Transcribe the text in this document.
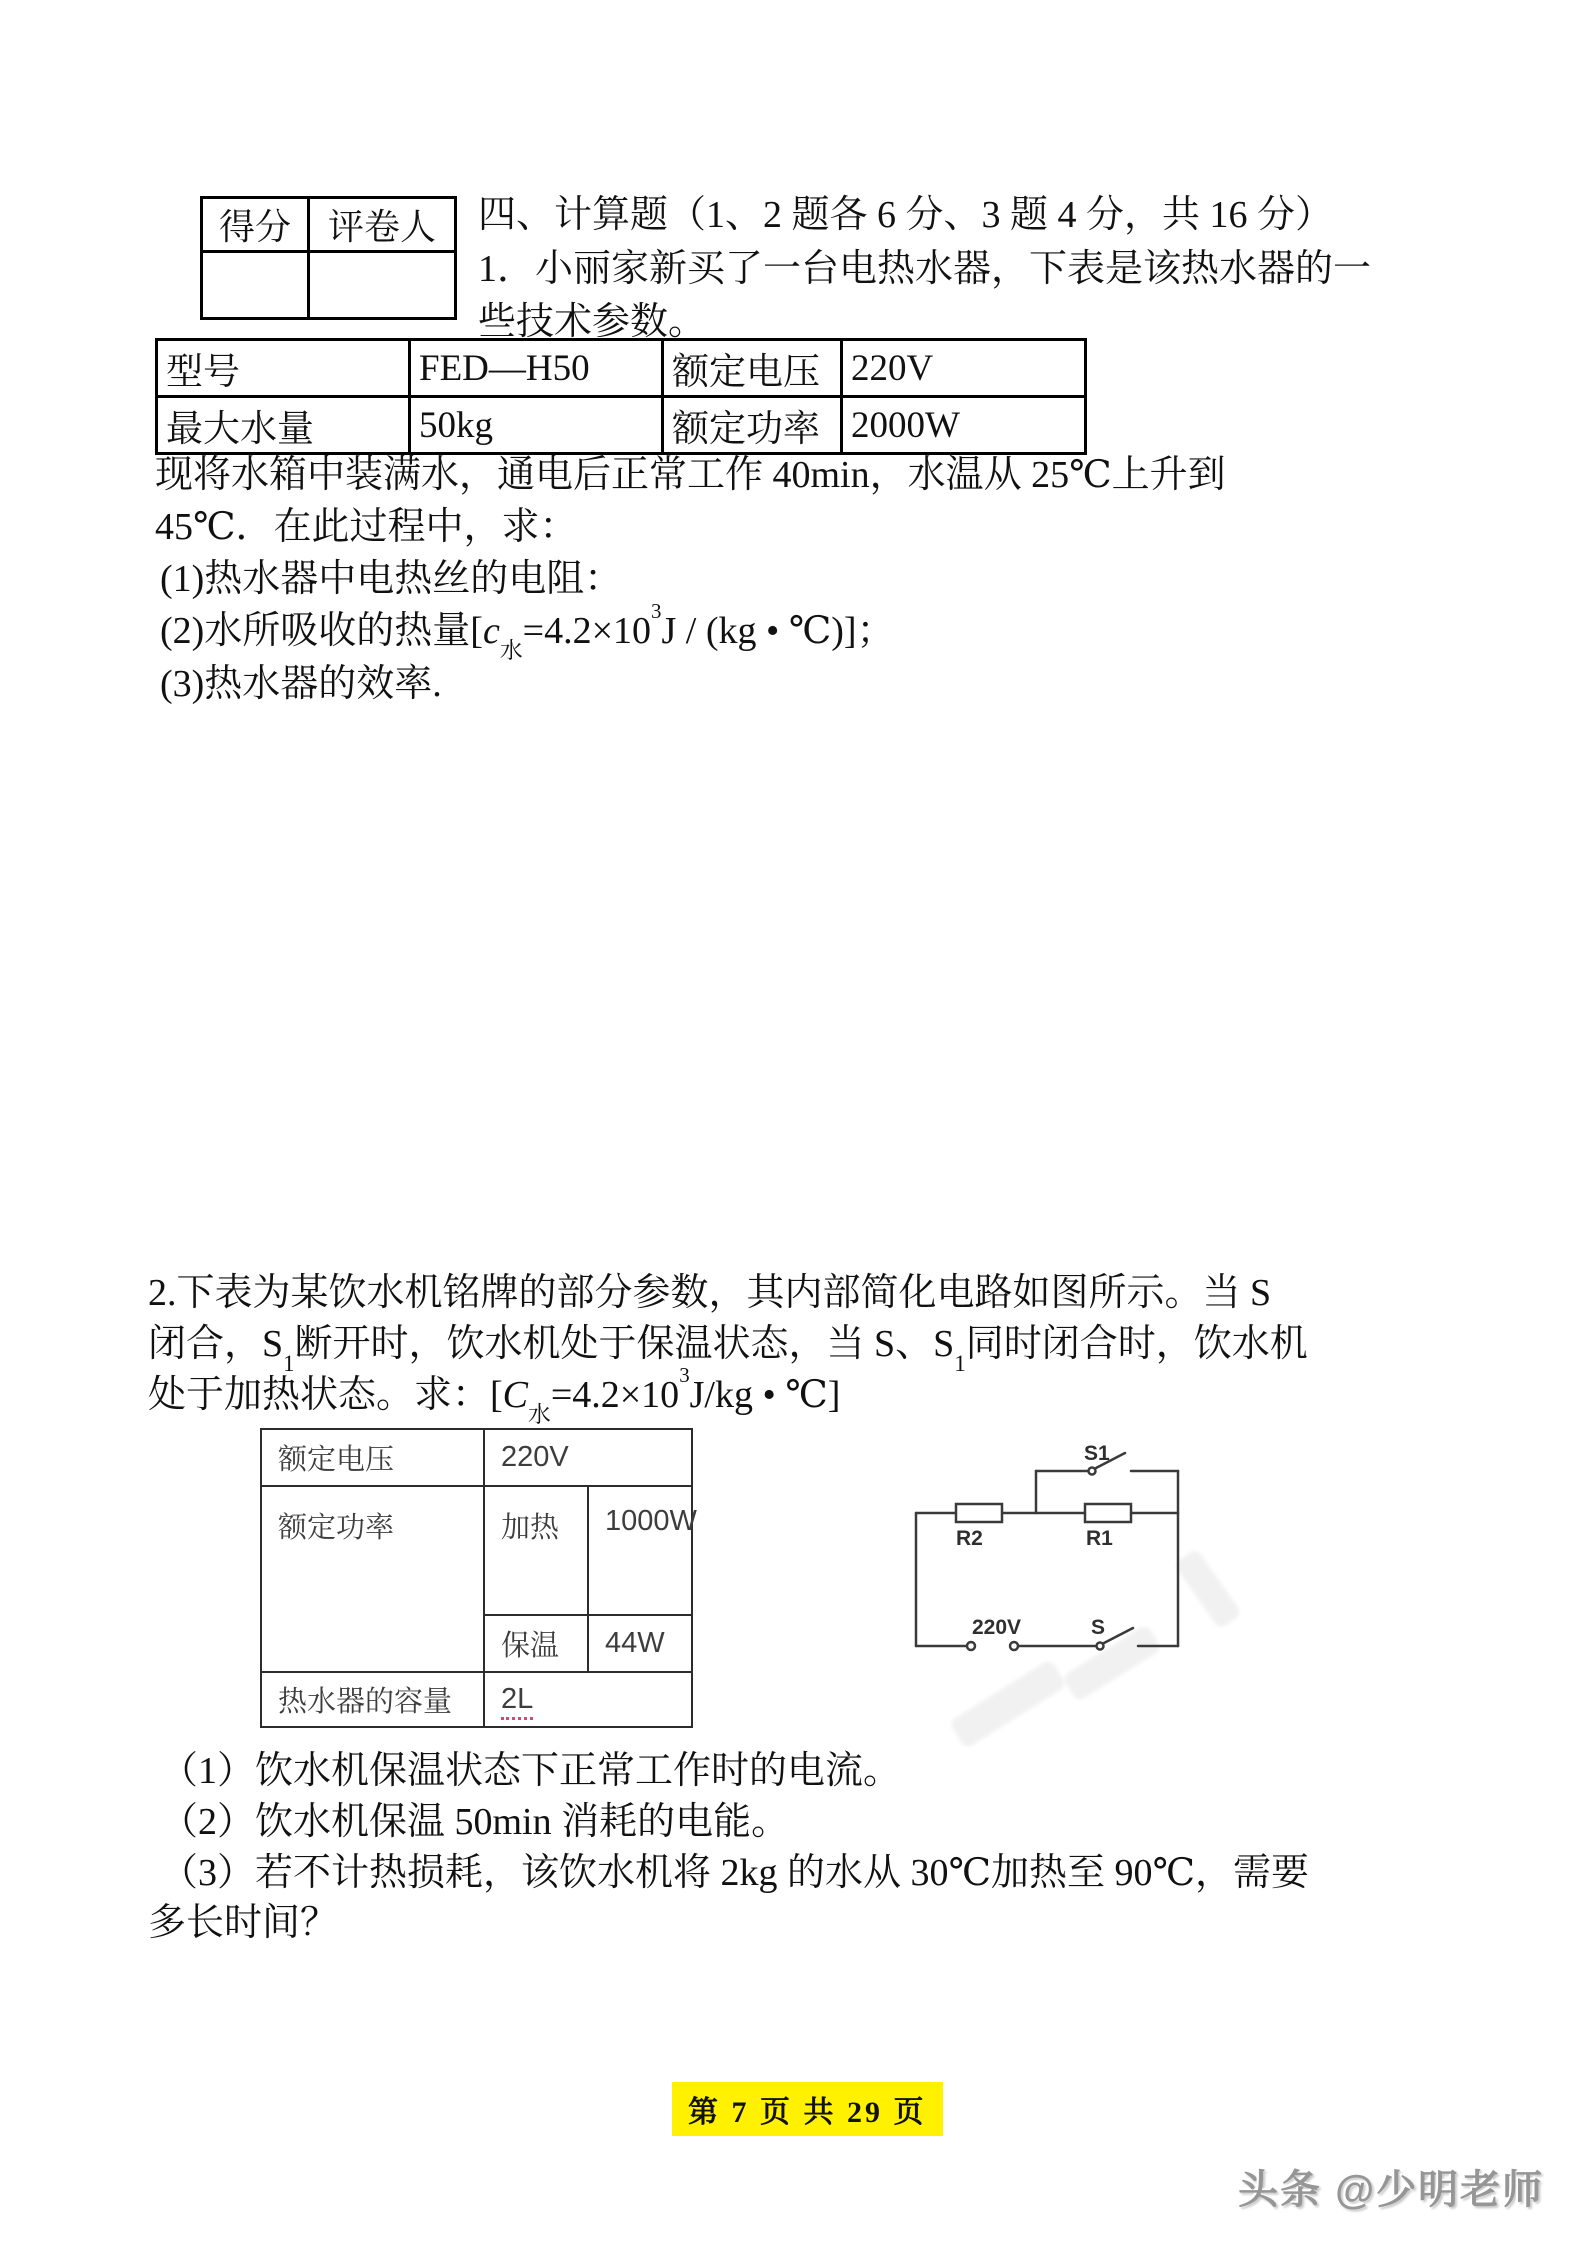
得分	评卷人
	四、计算题（1、2 题各 6 分、3 题 4 分，共 16 分）
1．小丽家新买了一台电热水器，下表是该热水器的一
些技术参数。
型号	FED—H50	额定电压	220V
最大水量	50kg	额定功率	2000W
现将水箱中装满水，通电后正常工作 40min，水温从 25℃上升到
45℃．在此过程中，求：
(1)热水器中电热丝的电阻：
(2)水所吸收的热量[$c_水=4.2\times 10^3J / (kg$ • ℃)]；
(3)热水器的效率.
2.下表为某饮水机铭牌的部分参数，其内部简化电路如图所示。当 S
闭合，$S_1$断开时，饮水机处于保温状态，当 S、$S_1$同时闭合时，饮水机
处于加热状态。求：[$C_水=4.2\times 10^3J/kg$ • ℃]
额定电压	220V	
额定功率	加热	1000W
	保温	44W
热水器的容量	2L	
S1
R2	R1
220V	S
（1）饮水机保温状态下正常工作时的电流。
（2）饮水机保温 50min 消耗的电能。
（3）若不计热损耗，该饮水机将 2kg 的水从 30℃加热至 90℃，需要
多长时间？
第 7 页 共 29 页
头条 @少明老师
